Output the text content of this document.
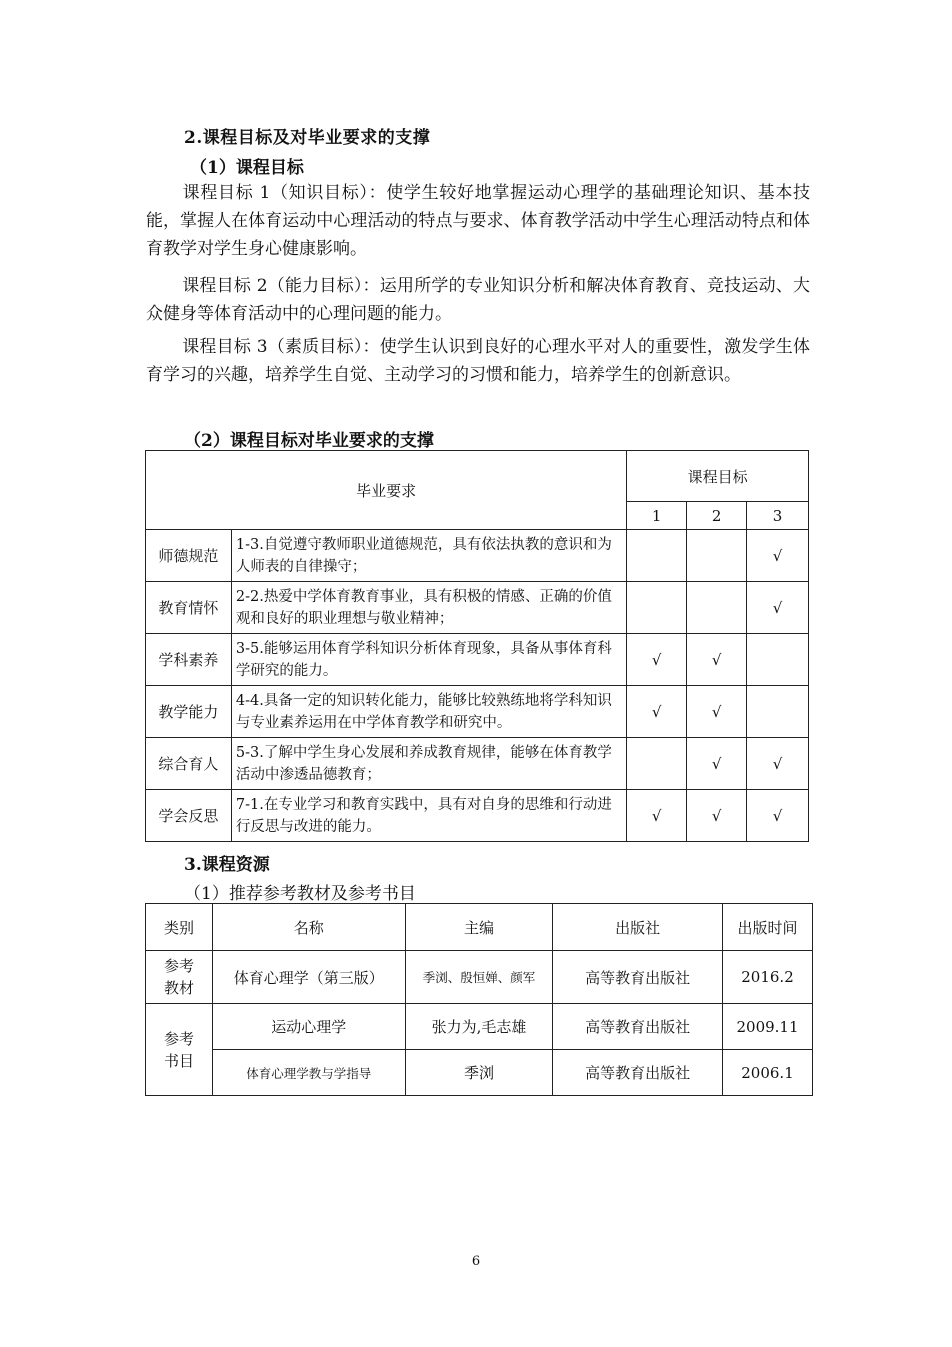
2.课程目标及对毕业要求的支撑
（1）课程目标
课程目标 1（知识目标）：使学生较好地掌握运动心理学的基础理论知识、基本技能，掌握人在体育运动中心理活动的特点与要求、体育教学活动中学生心理活动特点和体育教学对学生身心健康影响。
课程目标 2（能力目标）：运用所学的专业知识分析和解决体育教育、竞技运动、大众健身等体育活动中的心理问题的能力。
课程目标 3（素质目标）：使学生认识到良好的心理水平对人的重要性，激发学生体育学习的兴趣，培养学生自觉、主动学习的习惯和能力，培养学生的创新意识。
（2）课程目标对毕业要求的支撑
毕业要求		课程目标		
		1	2	3
师德规范	1-3.自觉遵守教师职业道德规范，具有依法执教的意识和为人师表的自律操守；			√
教育情怀	2-2.热爱中学体育教育事业，具有积极的情感、正确的价值观和良好的职业理想与敬业精神；			√
学科素养	3-5.能够运用体育学科知识分析体育现象，具备从事体育科学研究的能力。	√	√	
教学能力	4-4.具备一定的知识转化能力，能够比较熟练地将学科知识与专业素养运用在中学体育教学和研究中。	√	√	
综合育人	5-3.了解中学生身心发展和养成教育规律，能够在体育教学活动中渗透品德教育；		√	√
学会反思	7-1.在专业学习和教育实践中，具有对自身的思维和行动进行反思与改进的能力。	√	√	√
3.课程资源
（1）推荐参考教材及参考书目
类别	名称	主编	出版社	出版时间
参考教材	体育心理学（第三版）	季浏、殷恒婵、颜军	高等教育出版社	2016.2
参考书目	运动心理学	张力为,毛志雄	高等教育出版社	2009.11
	体育心理学教与学指导	季浏	高等教育出版社	2006.1
6
